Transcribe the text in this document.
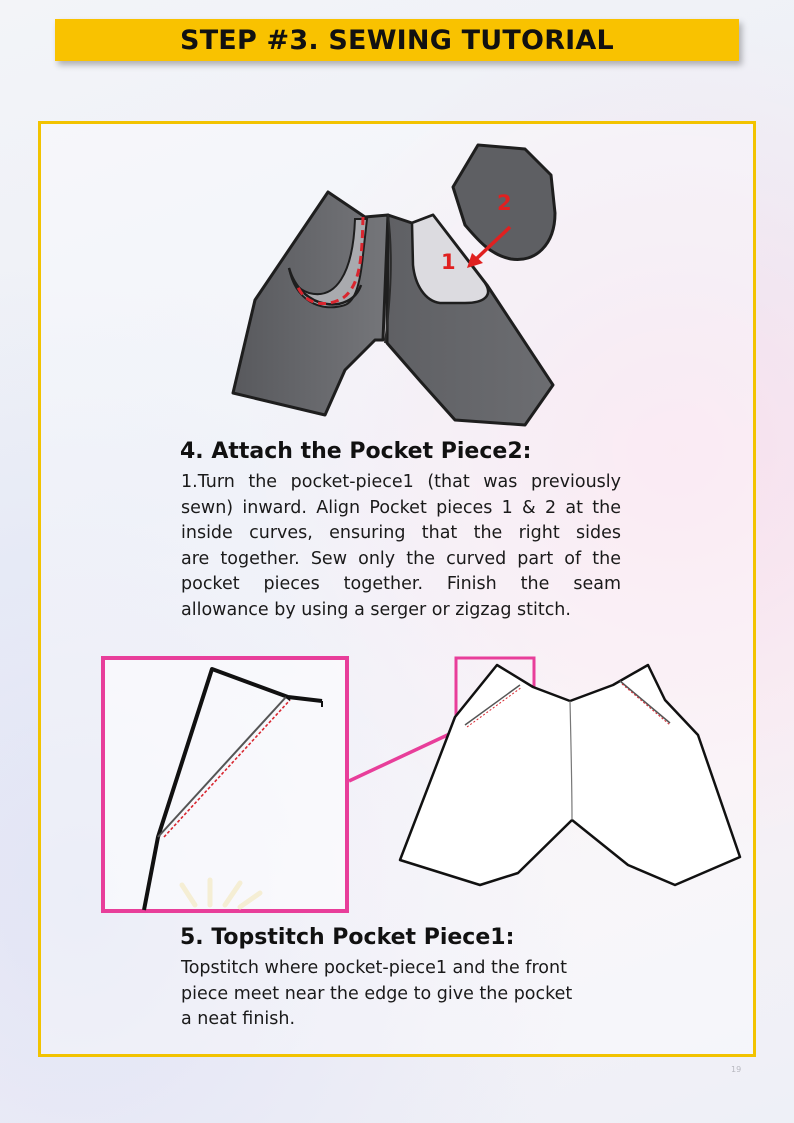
STEP #3. SEWING TUTORIAL
2
1
4. Attach the Pocket Piece2:
1.Turn the pocket-piece1 (that was previously
sewn) inward. Align Pocket pieces 1 & 2 at the
inside curves, ensuring that the right sides
are together. Sew only the curved part of the
pocket pieces together. Finish the seam
allowance by using a serger or zigzag stitch.
5. Topstitch Pocket Piece1:
Topstitch where pocket-piece1 and the front
piece meet near the edge to give the pocket
a neat finish.
19
